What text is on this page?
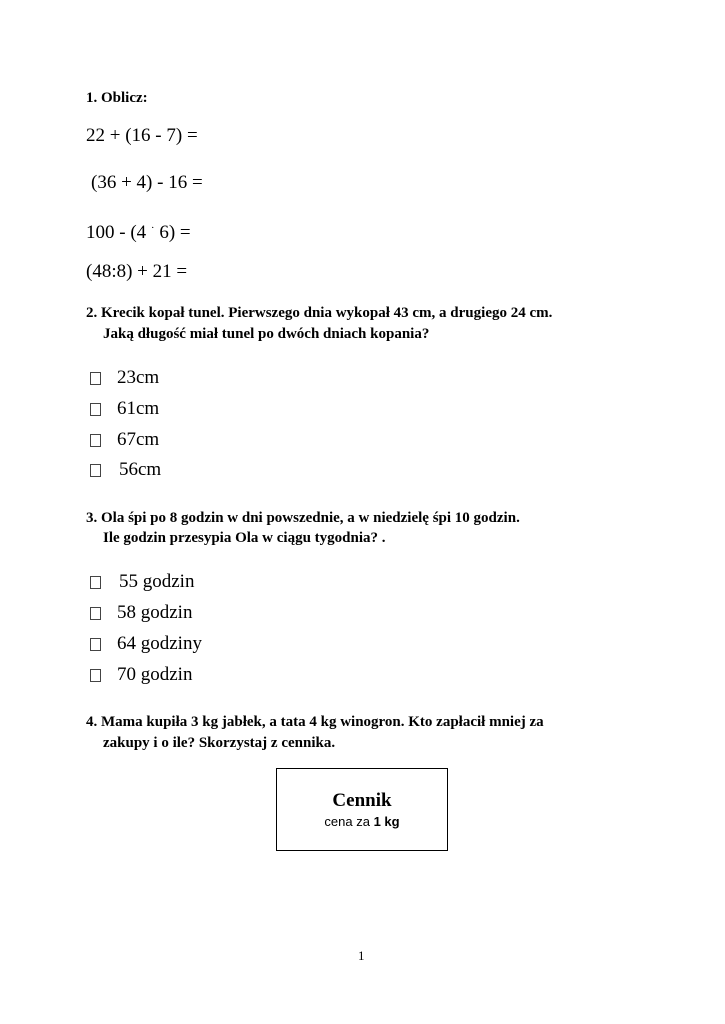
1. Oblicz:
22 + (16 - 7) =
(36 + 4) - 16 =
100 - (4 · 6) =
(48:8) + 21 =
2. Krecik kopał tunel. Pierwszego dnia wykopał 43 cm, a drugiego 24 cm.
Jaką długość miał tunel po dwóch dniach kopania?
23cm
61cm
67cm
56cm
3. Ola śpi po 8 godzin w dni powszednie, a w niedzielę śpi 10 godzin.
Ile godzin przesypia Ola w ciągu tygodnia? .
55 godzin
58 godzin
64 godziny
70 godzin
4. Mama kupiła 3 kg jabłek, a tata 4 kg winogron. Kto zapłacił mniej za
zakupy i o ile? Skorzystaj z cennika.
Cennik
cena za 1 kg
1
